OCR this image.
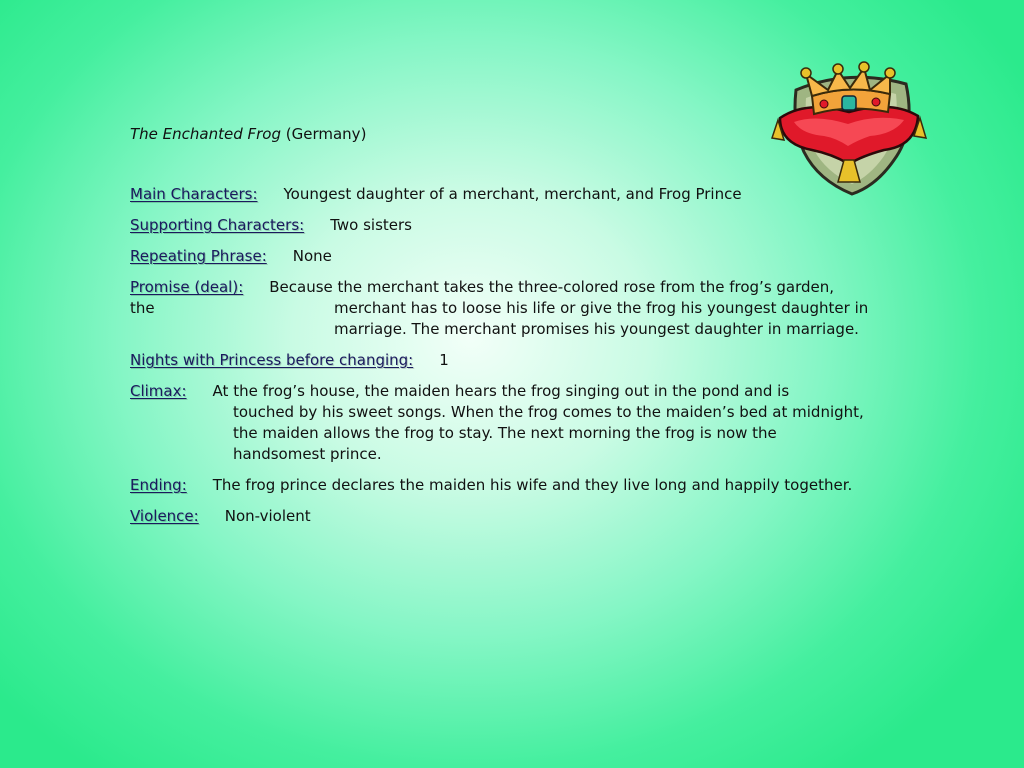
The Enchanted Frog (Germany)

Main Characters: Youngest daughter of a merchant, merchant, and Frog Prince

Supporting Characters: Two sisters

Repeating Phrase: None

Promise (deal): Because the merchant takes the three-colored rose from the frog’s garden,
the	merchant has to loose his life or give the frog his youngest daughter in
marriage. The merchant promises his youngest daughter in marriage.

Nights with Princess before changing: 1

Climax: At the frog’s house, the maiden hears the frog singing out in the pond and is
touched by his sweet songs. When the frog comes to the maiden’s bed at midnight,
the maiden allows the frog to stay. The next morning the frog is now the
handsomest prince.

Ending: The frog prince declares the maiden his wife and they live long and happily together.

Violence: Non-violent
